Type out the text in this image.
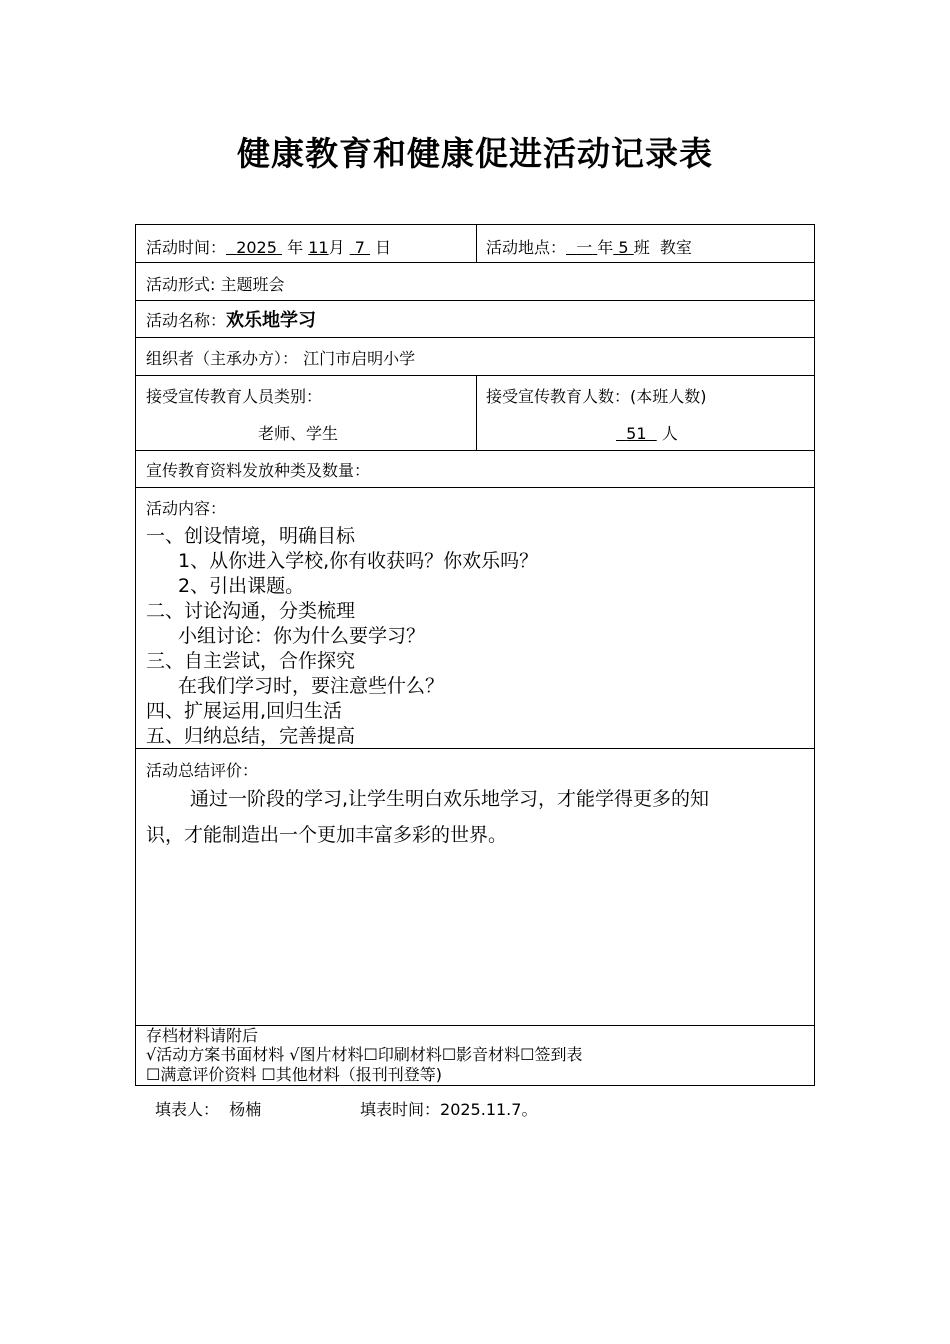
健康教育和健康促进活动记录表
活动时间： 2025 年 11月 7 日	活动地点： 一 年 5 班 教室
活动形式: 主题班会
活动名称：欢乐地学习
组织者（主承办方）： 江门市启明小学
接受宣传教育人员类别：
老师、学生
接受宣传教育人数：(本班人数)
51 人
宣传教育资料发放种类及数量：
活动内容：
一、创设情境，明确目标
1、从你进入学校,你有收获吗？你欢乐吗？
2、引出课题。
二、讨论沟通，分类梳理
小组讨论：你为什么要学习？
三、自主尝试，合作探究
在我们学习时，要注意些什么？
四、扩展运用,回归生活
五、归纳总结，完善提高
活动总结评价：
通过一阶段的学习,让学生明白欢乐地学习，才能学得更多的知
识，才能制造出一个更加丰富多彩的世界。
存档材料请附后
√活动方案书面材料 √图片材料☐印刷材料☐影音材料☐签到表
☐满意评价资料 ☐其他材料（报刊刊登等)
填表人： 杨楠	填表时间：2025.11.7。
